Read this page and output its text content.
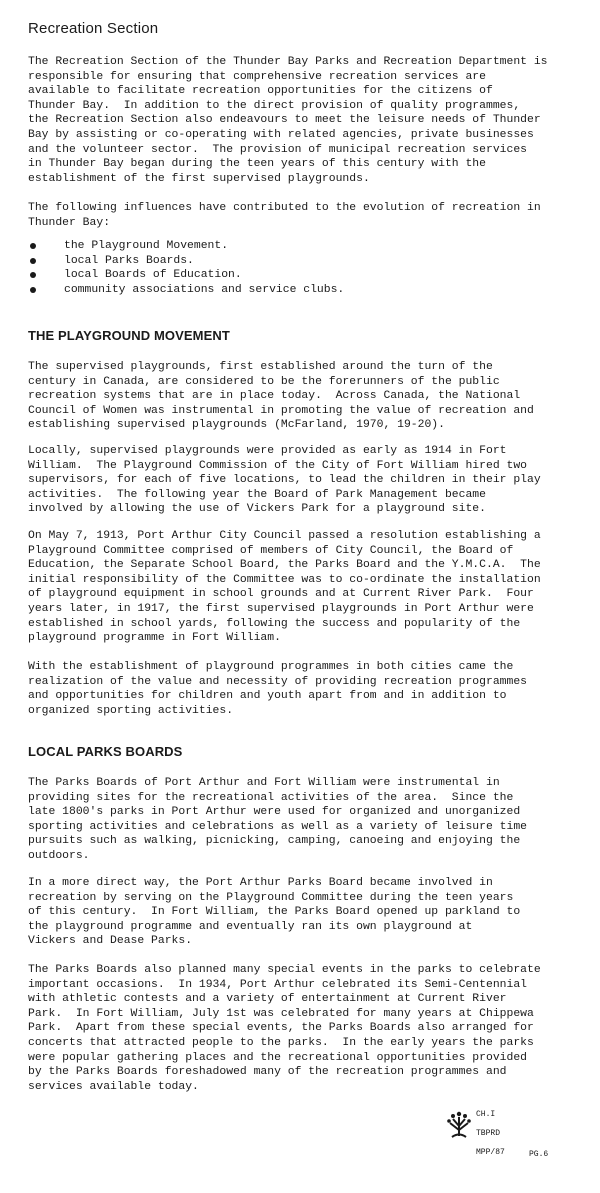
Recreation Section
The Recreation Section of the Thunder Bay Parks and Recreation Department is
responsible for ensuring that comprehensive recreation services are
available to facilitate recreation opportunities for the citizens of
Thunder Bay.  In addition to the direct provision of quality programmes,
the Recreation Section also endeavours to meet the leisure needs of Thunder
Bay by assisting or co-operating with related agencies, private businesses
and the volunteer sector.  The provision of municipal recreation services
in Thunder Bay began during the teen years of this century with the
establishment of the first supervised playgrounds.
The following influences have contributed to the evolution of recreation in
Thunder Bay:
the Playground Movement.
local Parks Boards.
local Boards of Education.
community associations and service clubs.
THE PLAYGROUND MOVEMENT
The supervised playgrounds, first established around the turn of the
century in Canada, are considered to be the forerunners of the public
recreation systems that are in place today.  Across Canada, the National
Council of Women was instrumental in promoting the value of recreation and
establishing supervised playgrounds (McFarland, 1970, 19-20).
Locally, supervised playgrounds were provided as early as 1914 in Fort
William.  The Playground Commission of the City of Fort William hired two
supervisors, for each of five locations, to lead the children in their play
activities.  The following year the Board of Park Management became
involved by allowing the use of Vickers Park for a playground site.
On May 7, 1913, Port Arthur City Council passed a resolution establishing a
Playground Committee comprised of members of City Council, the Board of
Education, the Separate School Board, the Parks Board and the Y.M.C.A.  The
initial responsibility of the Committee was to co-ordinate the installation
of playground equipment in school grounds and at Current River Park.  Four
years later, in 1917, the first supervised playgrounds in Port Arthur were
established in school yards, following the success and popularity of the
playground programme in Fort William.
With the establishment of playground programmes in both cities came the
realization of the value and necessity of providing recreation programmes
and opportunities for children and youth apart from and in addition to
organized sporting activities.
LOCAL PARKS BOARDS
The Parks Boards of Port Arthur and Fort William were instrumental in
providing sites for the recreational activities of the area.  Since the
late 1800's parks in Port Arthur were used for organized and unorganized
sporting activities and celebrations as well as a variety of leisure time
pursuits such as walking, picnicking, camping, canoeing and enjoying the
outdoors.
In a more direct way, the Port Arthur Parks Board became involved in
recreation by serving on the Playground Committee during the teen years
of this century.  In Fort William, the Parks Board opened up parkland to
the playground programme and eventually ran its own playground at
Vickers and Dease Parks.
The Parks Boards also planned many special events in the parks to celebrate
important occasions.  In 1934, Port Arthur celebrated its Semi-Centennial
with athletic contests and a variety of entertainment at Current River
Park.  In Fort William, July 1st was celebrated for many years at Chippewa
Park.  Apart from these special events, the Parks Boards also arranged for
concerts that attracted people to the parks.  In the early years the parks
were popular gathering places and the recreational opportunities provided
by the Parks Boards foreshadowed many of the recreation programmes and
services available today.
CH.I
TBPRD
MPP/87	PG.6
